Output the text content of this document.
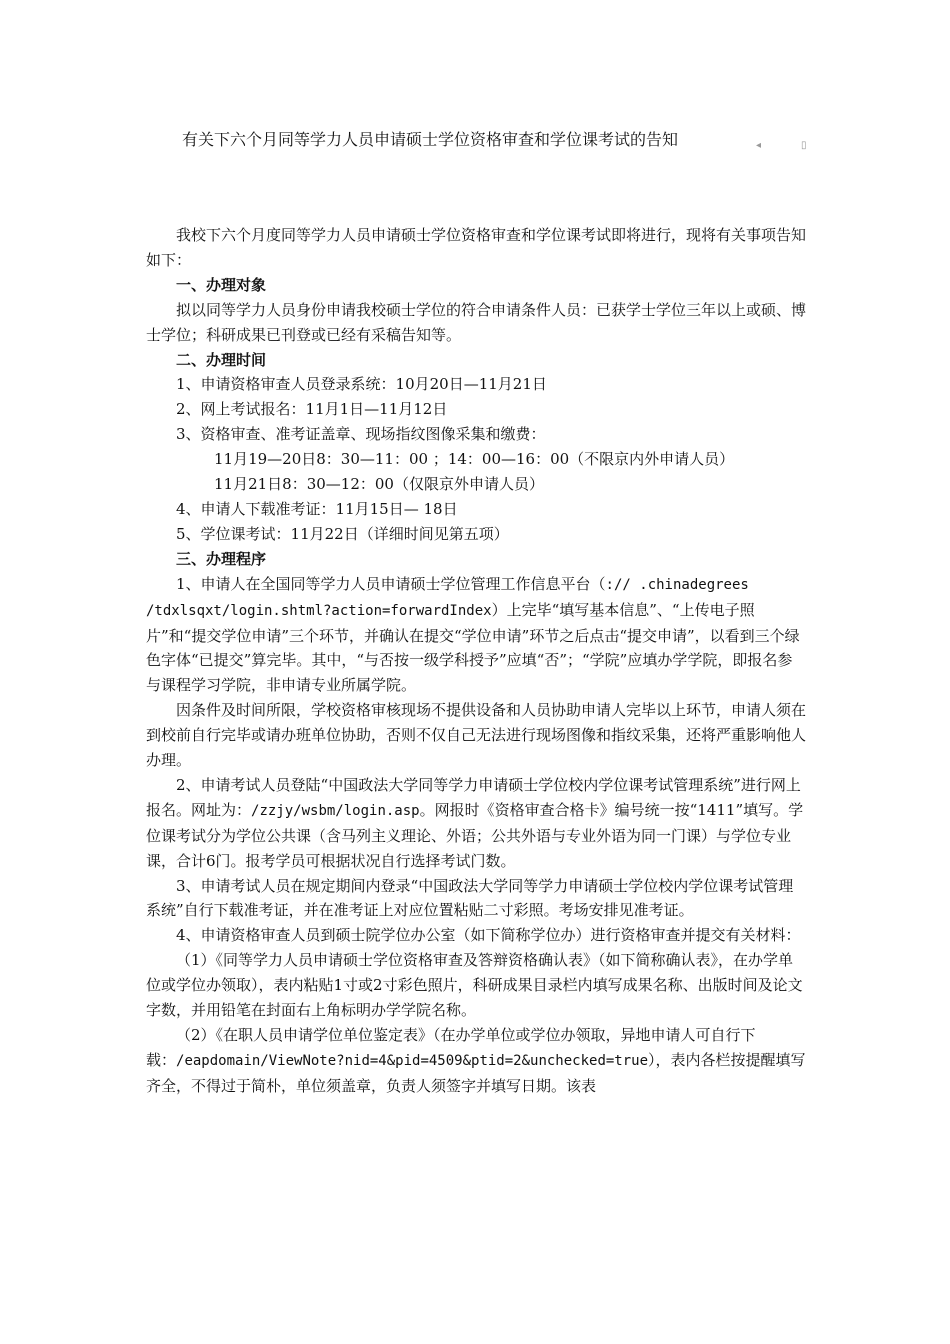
有关下六个月同等学力人员申请硕士学位资格审查和学位课考试的告知	◂	▯

我校下六个月度同等学力人员申请硕士学位资格审查和学位课考试即将进行，现将有关事项告知如下：

一、办理对象

拟以同等学力人员身份申请我校硕士学位的符合申请条件人员：已获学士学位三年以上或硕、博士学位；科研成果已刊登或已经有采稿告知等。

二、办理时间

1、申请资格审查人员登录系统：10月20日—11月21日

2、网上考试报名：11月1日—11月12日

3、资格审查、准考证盖章、现场指纹图像采集和缴费：

11月19—20日8：30—11：00 ；14：00—16：00（不限京内外申请人员）

11月21日8：30—12：00（仅限京外申请人员）

4、申请人下载准考证：11月15日— 18日

5、学位课考试：11月22日（详细时间见第五项）

三、办理程序

1、申请人在全国同等学力人员申请硕士学位管理工作信息平台（:// .chinadegrees /tdxlsqxt/login.shtml?action=forwardIndex）上完毕“填写基本信息”、“上传电子照片”和“提交学位申请”三个环节，并确认在提交“学位申请”环节之后点击“提交申请”，以看到三个绿色字体“已提交”算完毕。其中，“与否按一级学科授予”应填“否”；“学院”应填办学学院，即报名参与课程学习学院，非申请专业所属学院。

因条件及时间所限，学校资格审核现场不提供设备和人员协助申请人完毕以上环节，申请人须在到校前自行完毕或请办班单位协助，否则不仅自己无法进行现场图像和指纹采集，还将严重影响他人办理。

2、申请考试人员登陆“中国政法大学同等学力申请硕士学位校内学位课考试管理系统”进行网上报名。网址为：/zzjy/wsbm/login.asp。网报时《资格审查合格卡》编号统一按“1411”填写。学位课考试分为学位公共课（含马列主义理论、外语；公共外语与专业外语为同一门课）与学位专业课，合计6门。报考学员可根据状况自行选择考试门数。

3、申请考试人员在规定期间内登录“中国政法大学同等学力申请硕士学位校内学位课考试管理系统”自行下载准考证，并在准考证上对应位置粘贴二寸彩照。考场安排见准考证。

4、申请资格审查人员到硕士院学位办公室（如下简称学位办）进行资格审查并提交有关材料：

（1）《同等学力人员申请硕士学位资格审查及答辩资格确认表》（如下简称确认表》，在办学单位或学位办领取），表内粘贴1寸或2寸彩色照片，科研成果目录栏内填写成果名称、出版时间及论文字数，并用铅笔在封面右上角标明办学学院名称。

（2）《在职人员申请学位单位鉴定表》（在办学单位或学位办领取，异地申请人可自行下载：/eapdomain/ViewNote?nid=4&pid=4509&ptid=2&unchecked=true），表内各栏按提醒填写齐全，不得过于简朴，单位须盖章，负责人须签字并填写日期。该表
